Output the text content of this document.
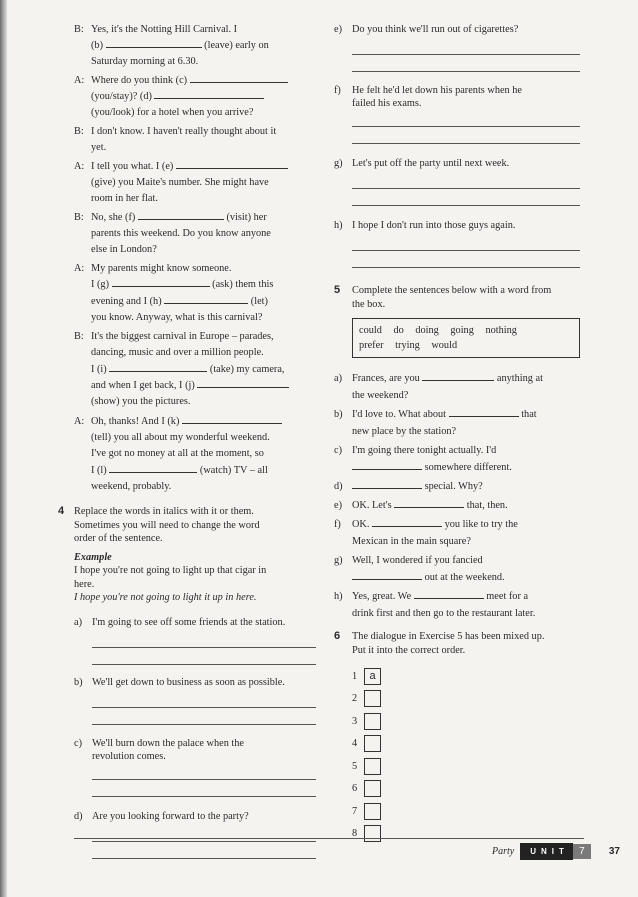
B: Yes, it's the Notting Hill Carnival. I

(b)	(leave) early on

Saturday morning at 6.30.

A: Where do you think (c)

(you/stay)? (d)

(you/look) for a hotel when you arrive?

B: I don't know. I haven't really thought about it

yet.

A: I tell you what. I (e)

(give) you Maite's number. She might have

room in her flat.

B: No, she (f)	(visit) her

parents this weekend. Do you know anyone

else in London?

A: My parents might know someone.

I (g)	(ask) them this

evening and I (h)	(let)

you know. Anyway, what is this carnival?

B: It's the biggest carnival in Europe – parades,

dancing, music and over a million people.

I (i)	(take) my camera,

and when I get back, I (j)

(show) you the pictures.

A: Oh, thanks! And I (k)

(tell) you all about my wonderful weekend.

I've got no money at all at the moment, so

I (l)	(watch) TV – all

weekend, probably.

4 Replace the words in italics with it or them.

Sometimes you will need to change the word

order of the sentence.

Example

I hope you're not going to light up that cigar in

here.

I hope you're not going to light it up in here.

a) I'm going to see off some friends at the station.
b) We'll get down to business as soon as possible.
c) We'll burn down the palace when the
revolution comes.
d) Are you looking forward to the party?
e) Do you think we'll run out of cigarettes?
f)	He felt he'd let down his parents when he
failed his exams.
g) Let's put off the party until next week.
h) I hope I don't run into those guys again.
5	Complete the sentences below with a word from

the box.

could do doing going nothing
prefer trying would
a) Frances, are you	anything at
the weekend?
b) I'd love to. What about	that
new place by the station?
c) I'm going there tonight actually. I'd
somewhere different.
d)	special. Why?
e) OK. Let's	that, then.
f)	OK.	you like to try the
Mexican in the main square?
g) Well, I wondered if you fancied
out at the weekend.
h) Yes, great. We	meet for a
drink first and then go to the restaurant later.
6	The dialogue in Exercise 5 has been mixed up.

Put it into the correct order.

1	a
2
3
4
5
6
7
8
Party	UNIT	7	37
